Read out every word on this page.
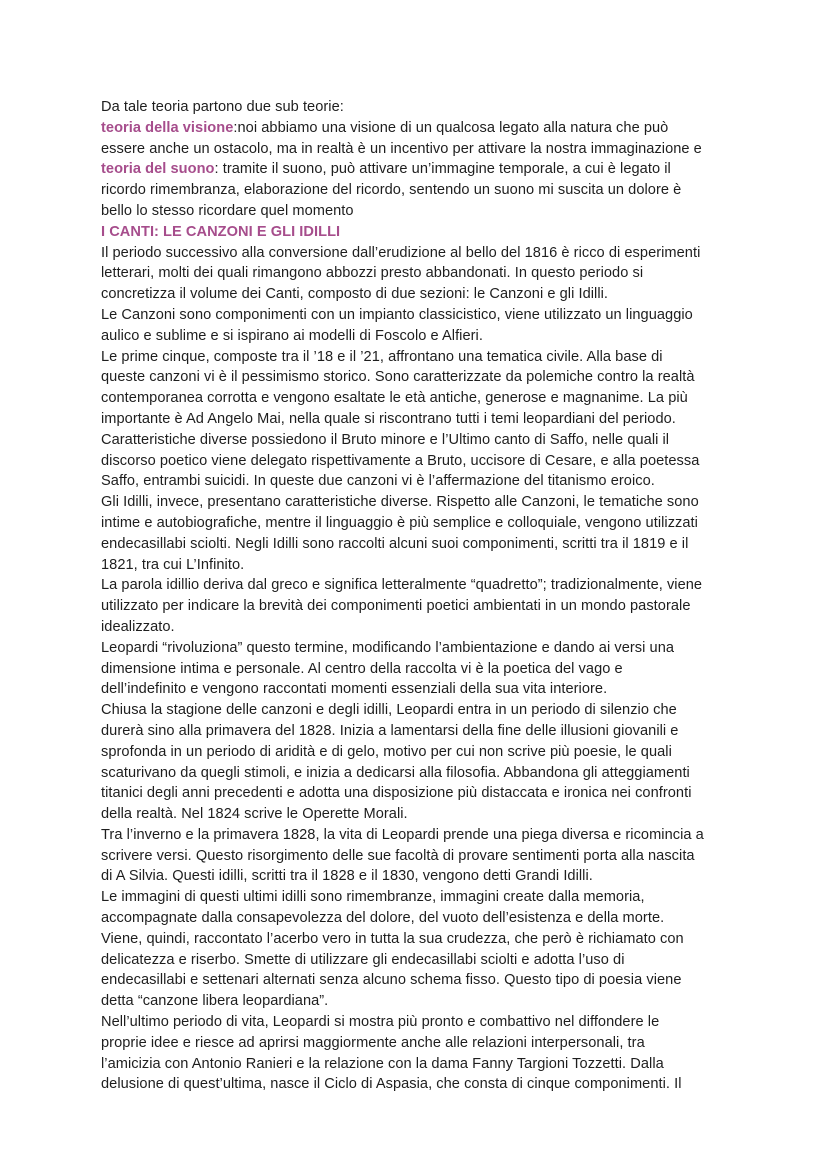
Da tale teoria partono due sub teorie:
teoria della visione:noi abbiamo una visione di un qualcosa legato alla natura che può
essere anche un ostacolo, ma in realtà è un incentivo per attivare la nostra immaginazione e
teoria del suono: tramite il suono, può attivare un’immagine temporale, a cui è legato il
ricordo rimembranza, elaborazione del ricordo, sentendo un suono mi suscita un dolore è
bello lo stesso ricordare quel momento
I CANTI: LE CANZONI E GLI IDILLI
Il periodo successivo alla conversione dall’erudizione al bello del 1816 è ricco di esperimenti
letterari, molti dei quali rimangono abbozzi presto abbandonati. In questo periodo si
concretizza il volume dei Canti, composto di due sezioni: le Canzoni e gli Idilli.
Le Canzoni sono componimenti con un impianto classicistico, viene utilizzato un linguaggio
aulico e sublime e si ispirano ai modelli di Foscolo e Alfieri.
Le prime cinque, composte tra il ’18 e il ’21, affrontano una tematica civile. Alla base di
queste canzoni vi è il pessimismo storico. Sono caratterizzate da polemiche contro la realtà
contemporanea corrotta e vengono esaltate le età antiche, generose e magnanime. La più
importante è Ad Angelo Mai, nella quale si riscontrano tutti i temi leopardiani del periodo.
Caratteristiche diverse possiedono il Bruto minore e l’Ultimo canto di Saffo, nelle quali il
discorso poetico viene delegato rispettivamente a Bruto, uccisore di Cesare, e alla poetessa
Saffo, entrambi suicidi. In queste due canzoni vi è l’affermazione del titanismo eroico.
Gli Idilli, invece, presentano caratteristiche diverse. Rispetto alle Canzoni, le tematiche sono
intime e autobiografiche, mentre il linguaggio è più semplice e colloquiale, vengono utilizzati
endecasillabi sciolti. Negli Idilli sono raccolti alcuni suoi componimenti, scritti tra il 1819 e il
1821, tra cui L’Infinito.
La parola idillio deriva dal greco e significa letteralmente “quadretto”; tradizionalmente, viene
utilizzato per indicare la brevità dei componimenti poetici ambientati in un mondo pastorale
idealizzato.
Leopardi “rivoluziona” questo termine, modificando l’ambientazione e dando ai versi una
dimensione intima e personale. Al centro della raccolta vi è la poetica del vago e
dell’indefinito e vengono raccontati momenti essenziali della sua vita interiore.
Chiusa la stagione delle canzoni e degli idilli, Leopardi entra in un periodo di silenzio che
durerà sino alla primavera del 1828. Inizia a lamentarsi della fine delle illusioni giovanili e
sprofonda in un periodo di aridità e di gelo, motivo per cui non scrive più poesie, le quali
scaturivano da quegli stimoli, e inizia a dedicarsi alla filosofia. Abbandona gli atteggiamenti
titanici degli anni precedenti e adotta una disposizione più distaccata e ironica nei confronti
della realtà. Nel 1824 scrive le Operette Morali.
Tra l’inverno e la primavera 1828, la vita di Leopardi prende una piega diversa e ricomincia a
scrivere versi. Questo risorgimento delle sue facoltà di provare sentimenti porta alla nascita
di A Silvia. Questi idilli, scritti tra il 1828 e il 1830, vengono detti Grandi Idilli.
Le immagini di questi ultimi idilli sono rimembranze, immagini create dalla memoria,
accompagnate dalla consapevolezza del dolore, del vuoto dell’esistenza e della morte.
Viene, quindi, raccontato l’acerbo vero in tutta la sua crudezza, che però è richiamato con
delicatezza e riserbo. Smette di utilizzare gli endecasillabi sciolti e adotta l’uso di
endecasillabi e settenari alternati senza alcuno schema fisso. Questo tipo di poesia viene
detta “canzone libera leopardiana”.
Nell’ultimo periodo di vita, Leopardi si mostra più pronto e combattivo nel diffondere le
proprie idee e riesce ad aprirsi maggiormente anche alle relazioni interpersonali, tra
l’amicizia con Antonio Ranieri e la relazione con la dama Fanny Targioni Tozzetti. Dalla
delusione di quest’ultima, nasce il Ciclo di Aspasia, che consta di cinque componimenti. Il
